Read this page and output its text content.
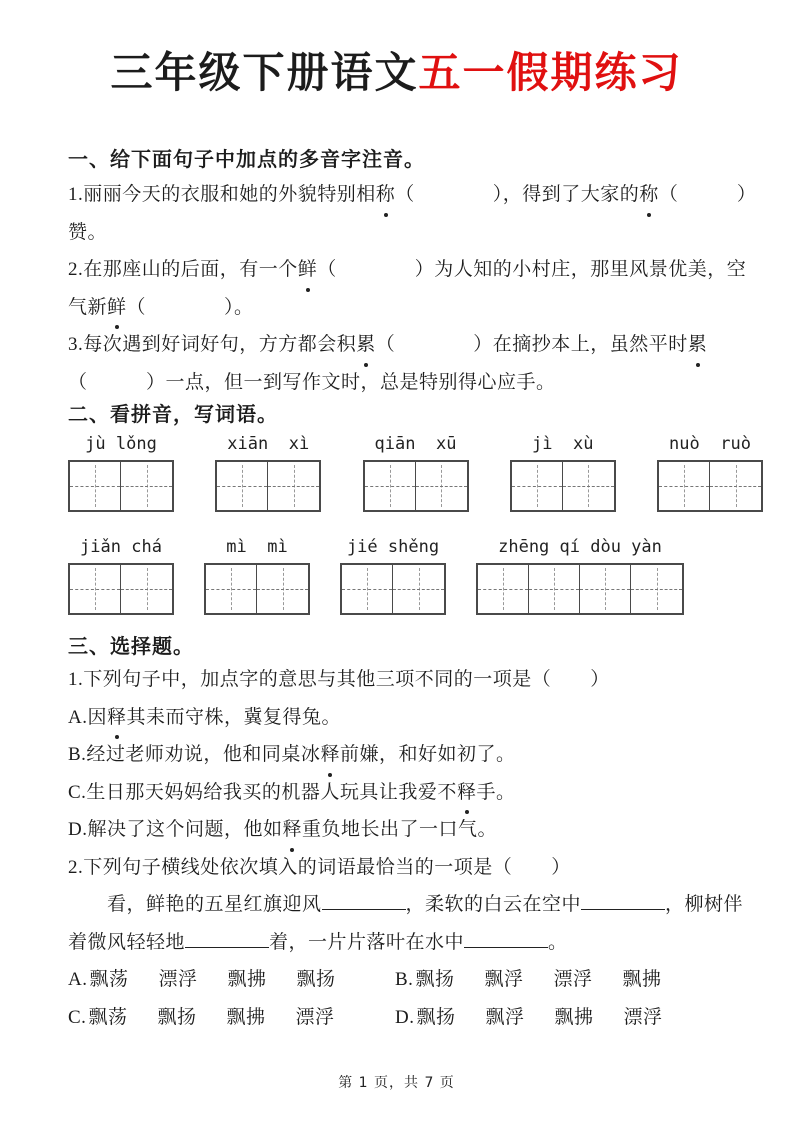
三年级下册语文五一假期练习

一、给下面句子中加点的多音字注音。

1.丽丽今天的衣服和她的外貌特别相称（　　　　），得到了大家的称（　　　）

赞。

2.在那座山的后面，有一个鲜（　　　　）为人知的小村庄，那里风景优美，空

气新鲜（　　　　）。

3.每次遇到好词好句，方方都会积累（　　　　）在摘抄本上，虽然平时累

（　　　）一点，但一到写作文时，总是特别得心应手。

二、看拼音，写词语。

jù lǒng	xiān  xì	qiān  xū	jì  xù	nuò  ruò
jiǎn chá	mì  mì	jié shěng	zhēng qí dòu yàn

三、选择题。

1.下列句子中，加点字的意思与其他三项不同的一项是（　　）

A.因释其耒而守株，冀复得兔。

B.经过老师劝说，他和同桌冰释前嫌，和好如初了。

C.生日那天妈妈给我买的机器人玩具让我爱不释手。

D.解决了这个问题，他如释重负地长出了一口气。

2.下列句子横线处依次填入的词语最恰当的一项是（　　）

　　看，鲜艳的五星红旗迎风	，柔软的白云在空中	，柳树伴

着微风轻轻地	着，一片片落叶在水中	。

A. 飘荡 漂浮 飘拂 飘扬	B. 飘扬 飘浮 漂浮 飘拂
C. 飘荡 飘扬 飘拂 漂浮	D. 飘扬 飘浮 飘拂 漂浮
第 1 页，共 7 页
